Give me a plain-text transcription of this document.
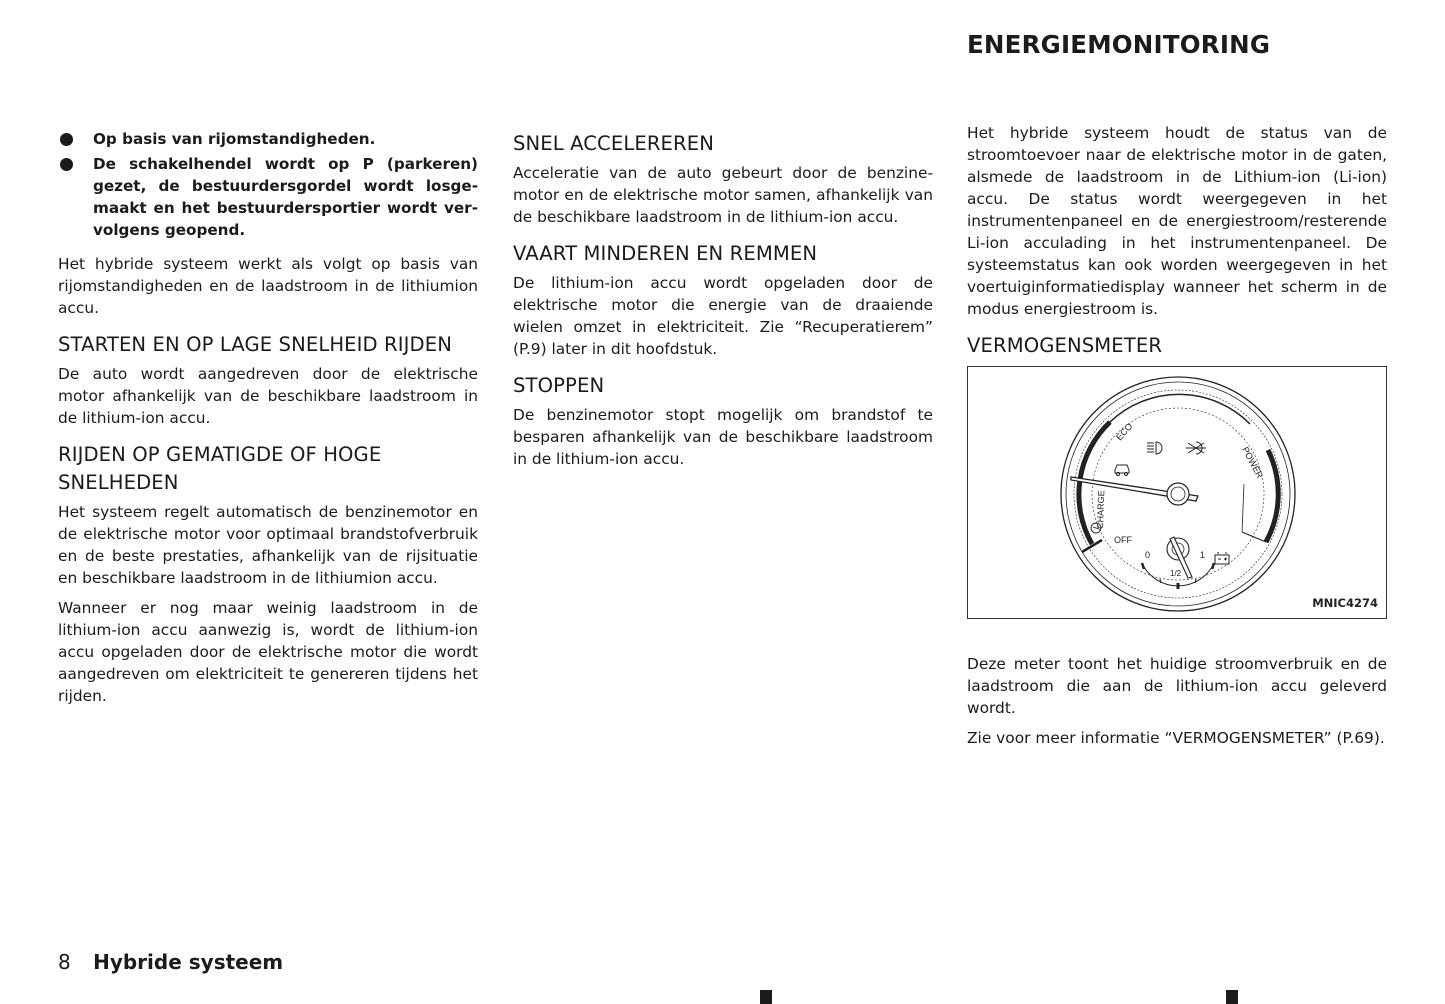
ENERGIEMONITORING
Op basis van rijomstandigheden.
De schakelhendel wordt op P (parkeren) gezet, de bestuurdersgordel wordt losgemaakt en het bestuurdersportier wordt vervolgens geopend.

Het hybride systeem werkt als volgt op basis van rijomstandigheden en de laadstroom in de lithiumion accu.

STARTEN EN OP LAGE SNELHEID RIJDEN

De auto wordt aangedreven door de elektrische motor afhankelijk van de beschikbare laadstroom in de lithium-ion accu.

RIJDEN OP GEMATIGDE OF HOGE SNELHEDEN

Het systeem regelt automatisch de benzinemotor en de elektrische motor voor optimaal brandstofverbruik en de beste prestaties, afhankelijk van de rijsituatie en beschikbare laadstroom in de lithiumion accu.

Wanneer er nog maar weinig laadstroom in de lithium-ion accu aanwezig is, wordt de lithium-ion accu opgeladen door de elektrische motor die wordt aangedreven om elektriciteit te genereren tijdens het rijden.

SNEL ACCELEREREN

Acceleratie van de auto gebeurt door de benzinemotor en de elektrische motor samen, afhankelijk van de beschikbare laadstroom in de lithium-ion accu.

VAART MINDEREN EN REMMEN

De lithium-ion accu wordt opgeladen door de elektrische motor die energie van de draaiende wielen omzet in elektriciteit. Zie “Recuperatierem” (P.9) later in dit hoofdstuk.

STOPPEN

De benzinemotor stopt mogelijk om brandstof te besparen afhankelijk van de beschikbare laadstroom in de lithium-ion accu.

Het hybride systeem houdt de status van de stroomtoevoer naar de elektrische motor in de gaten, alsmede de laadstroom in de Lithium-ion (Li-ion) accu. De status wordt weergegeven in het instrumentenpaneel en de energiestroom/resterende Li-ion acculading in het instrumentenpaneel. De systeemstatus kan ook worden weergegeven in het voertuiginformatiedisplay wanneer het scherm in de modus energiestroom is.

VERMOGENSMETER
ECO
POWER
CHARGE
OFF
0
1/2
1
MNIC4274

Deze meter toont het huidige stroomverbruik en de laadstroom die aan de lithium-ion accu geleverd wordt.

Zie voor meer informatie “VERMOGENSMETER” (P.69).

8 Hybride systeem
